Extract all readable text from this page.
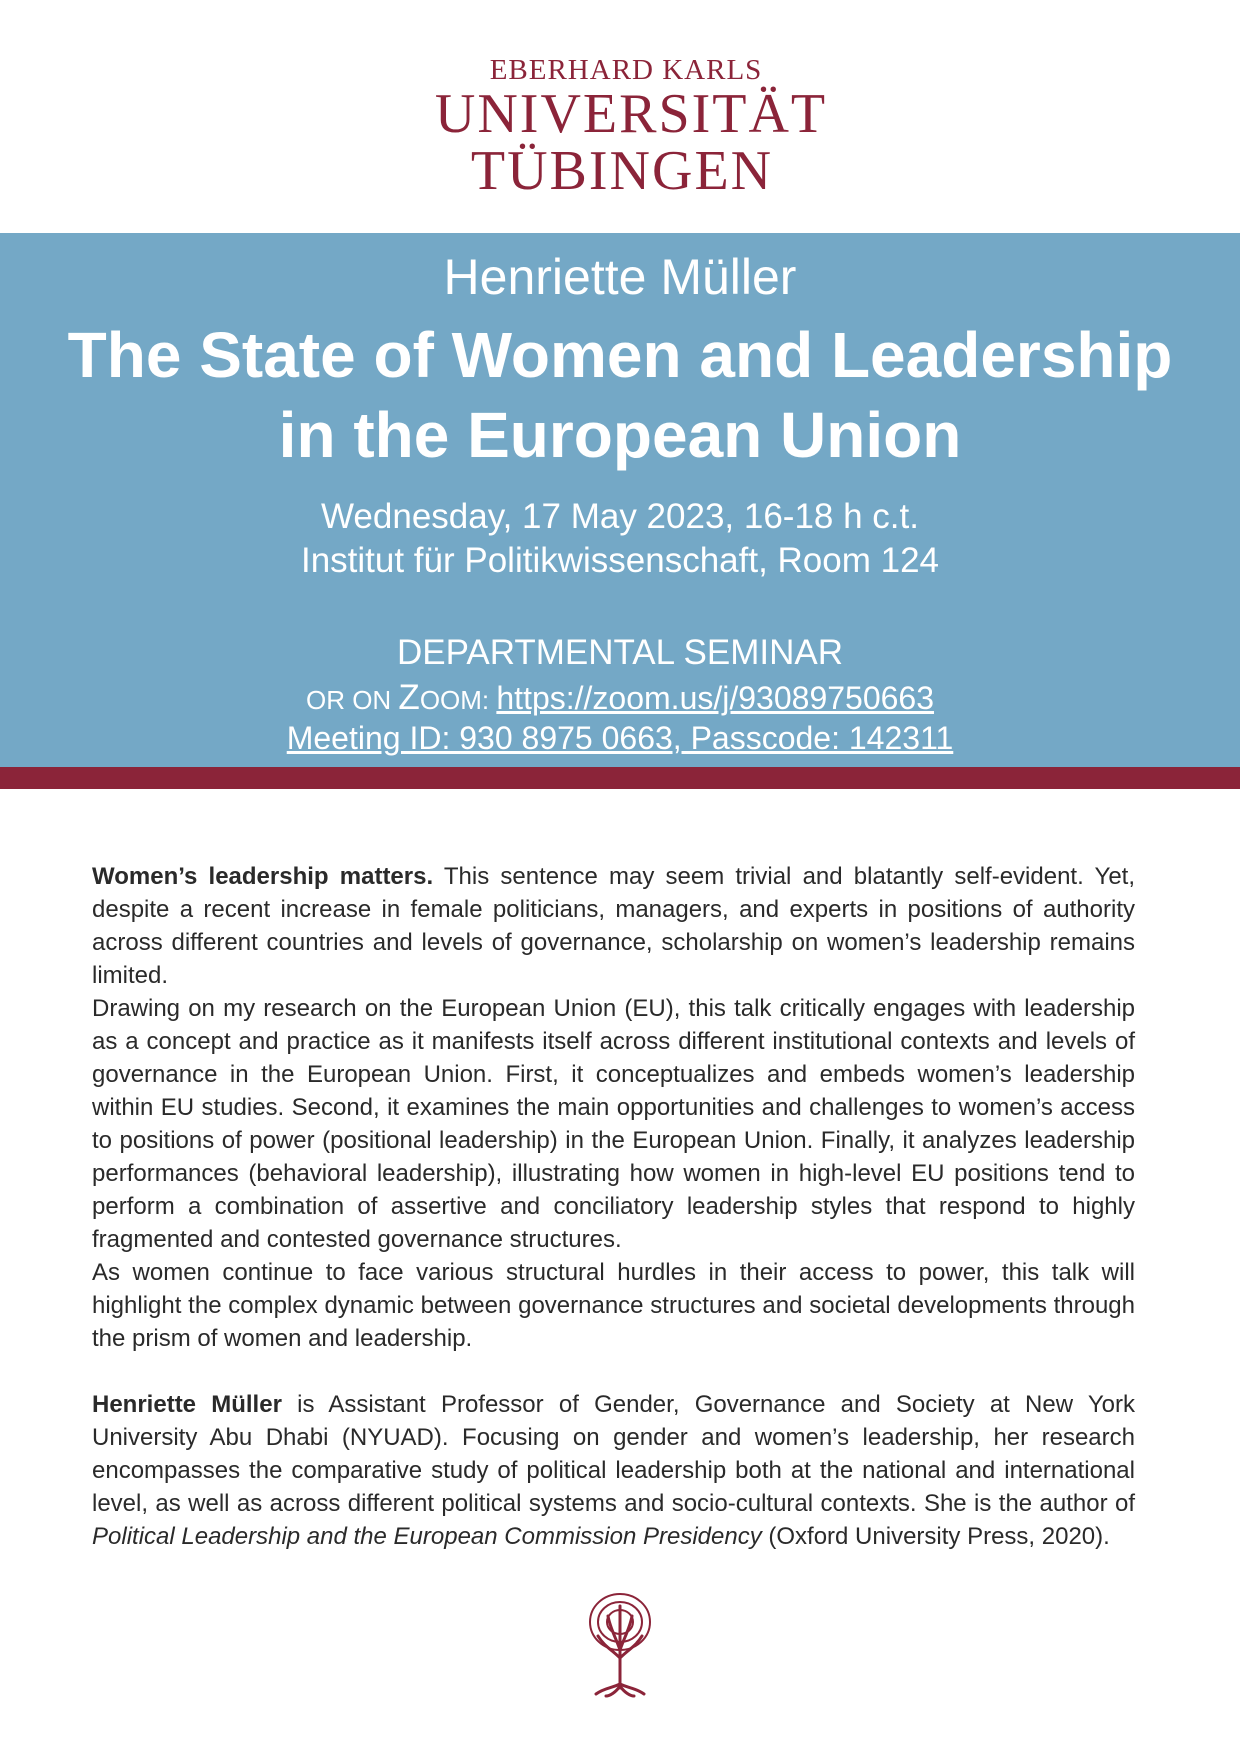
EBERHARD KARLS
UNIVERSITÄT
TÜBINGEN
Henriette Müller
The State of Women and Leadership
in the European Union
Wednesday, 17 May 2023, 16-18 h c.t.
Institut für Politikwissenschaft, Room 124
DEPARTMENTAL SEMINAR
OR ON ZOOM: https://zoom.us/j/93089750663
Meeting ID: 930 8975 0663, Passcode: 142311

Women’s leadership matters. This sentence may seem trivial and blatantly self-evident. Yet, despite a recent increase in female politicians, managers, and experts in positions of authority across different countries and levels of governance, scholarship on women’s leadership remains limited.

Drawing on my research on the European Union (EU), this talk critically engages with leadership as a concept and practice as it manifests itself across different institutional contexts and levels of governance in the European Union. First, it conceptualizes and embeds women’s leadership within EU studies. Second, it examines the main opportunities and challenges to women’s access to positions of power (positional leadership) in the European Union. Finally, it analyzes leadership performances (behavioral leadership), illustrating how women in high-level EU positions tend to perform a combination of assertive and conciliatory leadership styles that respond to highly fragmented and contested governance structures.

As women continue to face various structural hurdles in their access to power, this talk will highlight the complex dynamic between governance structures and societal developments through the prism of women and leadership.

Henriette Müller is Assistant Professor of Gender, Governance and Society at New York University Abu Dhabi (NYUAD). Focusing on gender and women’s leadership, her research encompasses the comparative study of political leadership both at the national and international level, as well as across different political systems and socio-cultural contexts. She is the author of Political Leadership and the European Commission Presidency (Oxford University Press, 2020).
